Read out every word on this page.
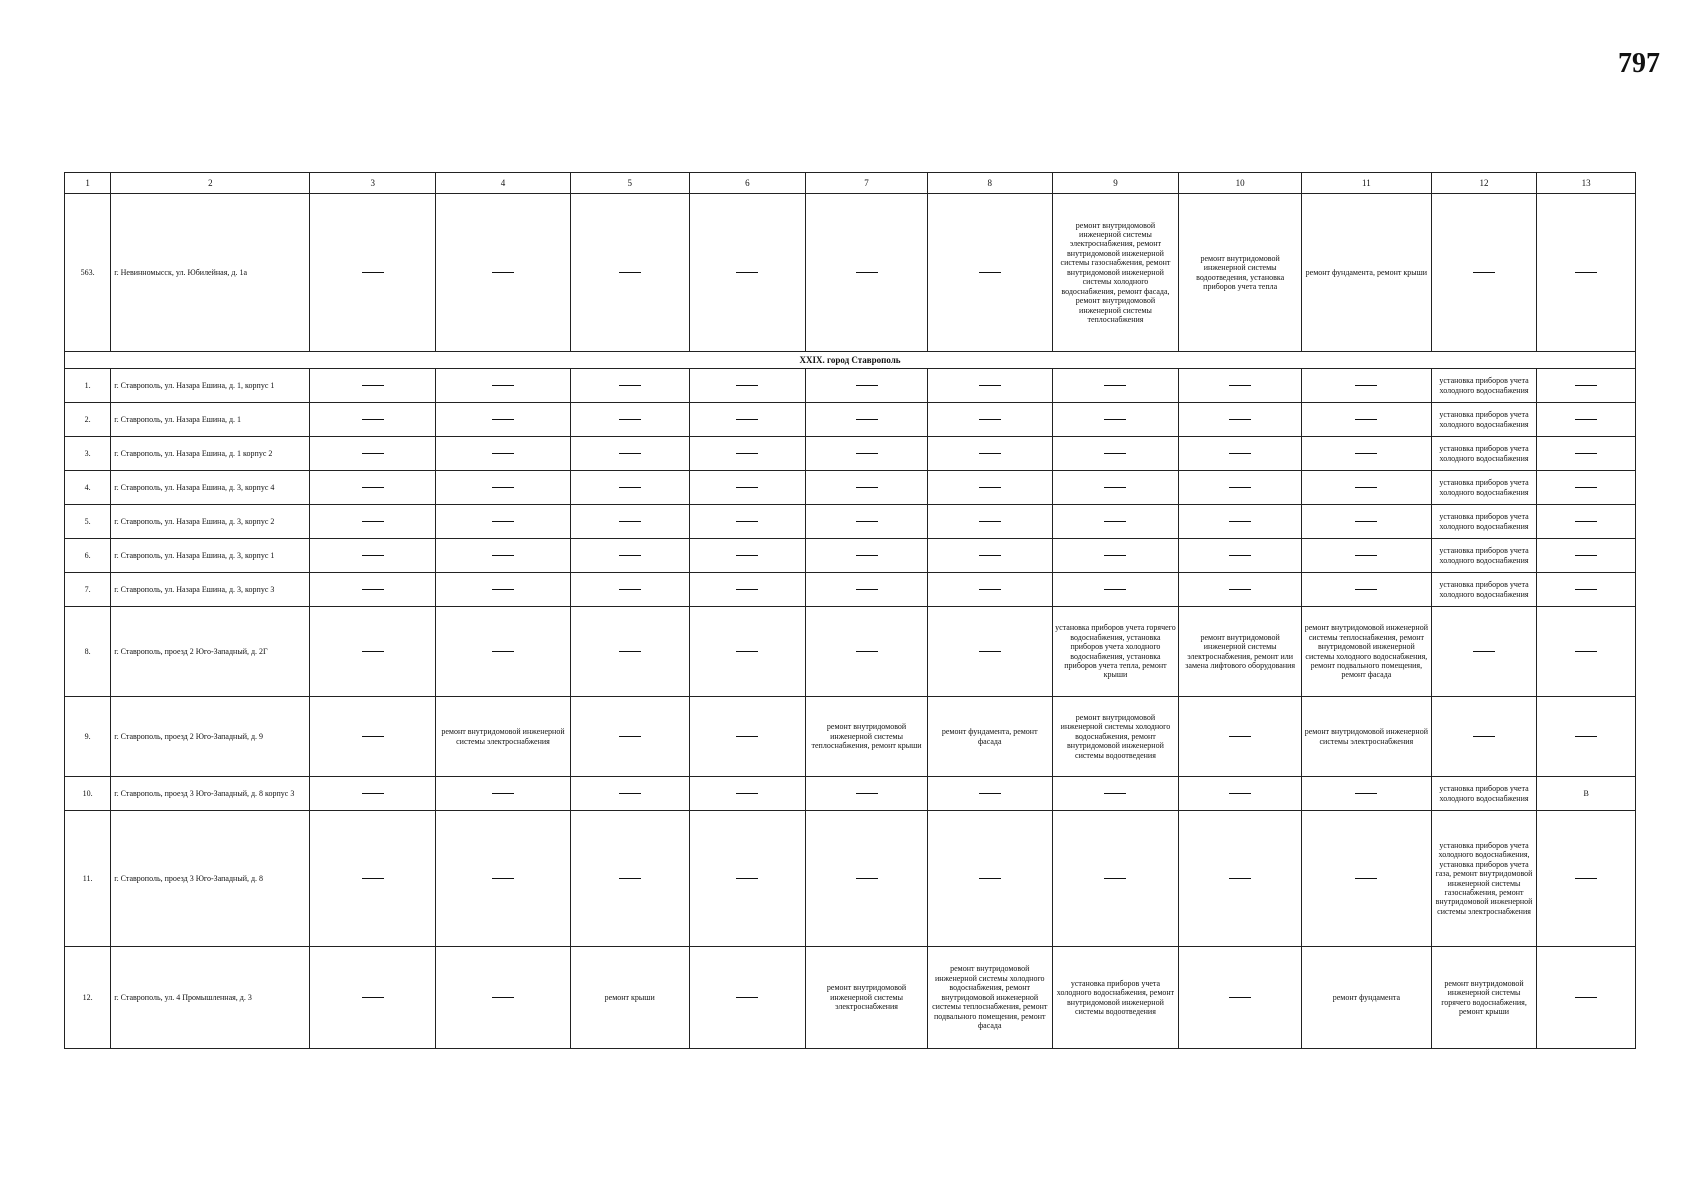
797
1	2	3	4	5	6	7	8	9	10	11	12	13
563.	г. Невинномысск, ул. Юбилейная, д. 1а							ремонт внутридомовой инженерной системы электроснабжения, ремонт внутридомовой инженерной системы газоснабжения, ремонт внутридомовой инженерной системы холодного водоснабжения, ремонт фасада, ремонт внутридомовой инженерной системы теплоснабжения	ремонт внутридомовой инженерной системы водоотведения, установка приборов учета тепла	ремонт фундамента, ремонт крыши		
XXIX. город Ставрополь												
1.	г. Ставрополь, ул. Назара Ешина, д. 1, корпус 1										установка приборов учета холодного водоснабжения	
2.	г. Ставрополь, ул. Назара Ешина, д. 1										установка приборов учета холодного водоснабжения	
3.	г. Ставрополь, ул. Назара Ешина, д. 1 корпус 2										установка приборов учета холодного водоснабжения	
4.	г. Ставрополь, ул. Назара Ешина, д. 3, корпус 4										установка приборов учета холодного водоснабжения	
5.	г. Ставрополь, ул. Назара Ешина, д. 3, корпус 2										установка приборов учета холодного водоснабжения	
6.	г. Ставрополь, ул. Назара Ешина, д. 3, корпус 1										установка приборов учета холодного водоснабжения	
7.	г. Ставрополь, ул. Назара Ешина, д. 3, корпус 3										установка приборов учета холодного водоснабжения	
8.	г. Ставрополь, проезд 2 Юго-Западный, д. 2Г							установка приборов учета горячего водоснабжения, установка приборов учета холодного водоснабжения, установка приборов учета тепла, ремонт крыши	ремонт внутридомовой инженерной системы электроснабжения, ремонт или замена лифтового оборудования	ремонт внутридомовой инженерной системы теплоснабжения, ремонт внутридомовой инженерной системы холодного водоснабжения, ремонт подвального помещения, ремонт фасада		
9.	г. Ставрополь, проезд 2 Юго-Западный, д. 9		ремонт внутридомовой инженерной системы электроснабжения			ремонт внутридомовой инженерной системы теплоснабжения, ремонт крыши	ремонт фундамента, ремонт фасада	ремонт внутридомовой инженерной системы холодного водоснабжения, ремонт внутридомовой инженерной системы водоотведения		ремонт внутридомовой инженерной системы электроснабжения		
10.	г. Ставрополь, проезд 3 Юго-Западный, д. 8 корпус 3										установка приборов учета холодного водоснабжения	В
11.	г. Ставрополь, проезд 3 Юго-Западный, д. 8										установка приборов учета холодного водоснабжения, установка приборов учета газа, ремонт внутридомовой инженерной системы газоснабжения, ремонт внутридомовой инженерной системы электроснабжения	
12.	г. Ставрополь, ул. 4 Промышленная, д. 3			ремонт крыши		ремонт внутридомовой инженерной системы электроснабжения	ремонт внутридомовой инженерной системы холодного водоснабжения, ремонт внутридомовой инженерной системы теплоснабжения, ремонт подвального помещения, ремонт фасада	установка приборов учета холодного водоснабжения, ремонт внутридомовой инженерной системы водоотведения		ремонт фундамента	ремонт внутридомовой инженерной системы горячего водоснабжения, ремонт крыши	
